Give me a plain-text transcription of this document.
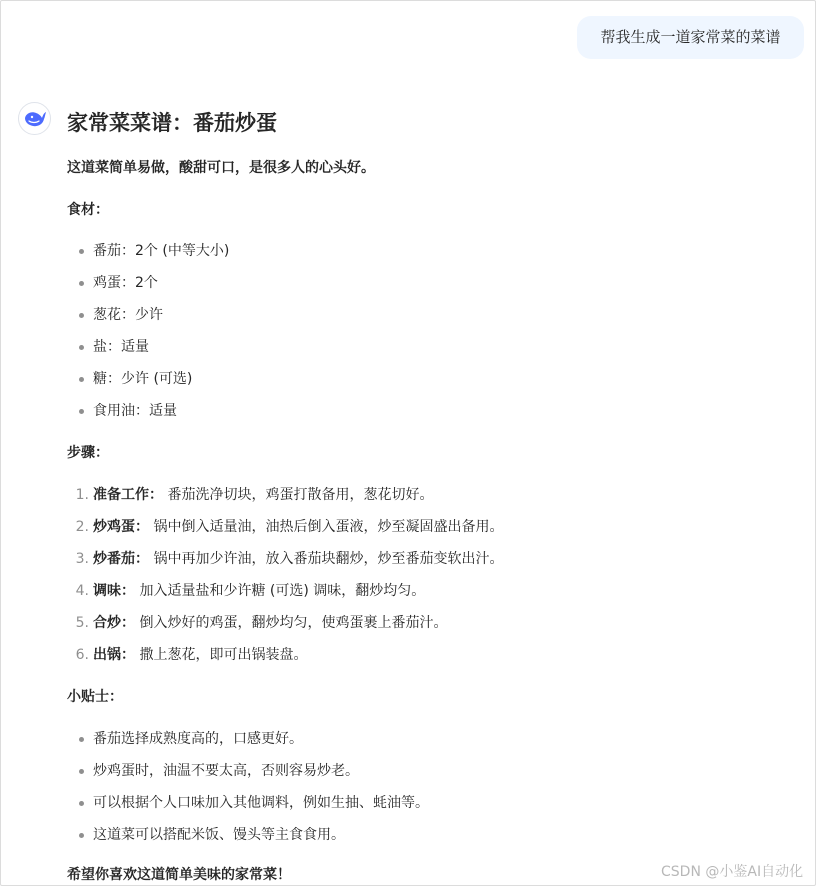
帮我生成一道家常菜的菜谱
家常菜菜谱：番茄炒蛋
这道菜简单易做，酸甜可口，是很多人的心头好。
食材：
番茄：2个 (中等大小)
鸡蛋：2个
葱花：少许
盐：适量
糖：少许 (可选)
食用油：适量
步骤：
1. 准备工作： 番茄洗净切块，鸡蛋打散备用，葱花切好。
2. 炒鸡蛋： 锅中倒入适量油，油热后倒入蛋液，炒至凝固盛出备用。
3. 炒番茄： 锅中再加少许油，放入番茄块翻炒，炒至番茄变软出汁。
4. 调味： 加入适量盐和少许糖 (可选) 调味，翻炒均匀。
5. 合炒： 倒入炒好的鸡蛋，翻炒均匀，使鸡蛋裹上番茄汁。
6. 出锅： 撒上葱花，即可出锅装盘。
小贴士：
番茄选择成熟度高的，口感更好。
炒鸡蛋时，油温不要太高，否则容易炒老。
可以根据个人口味加入其他调料，例如生抽、蚝油等。
这道菜可以搭配米饭、馒头等主食食用。
希望你喜欢这道简单美味的家常菜！	CSDN @小鉴AI自动化
